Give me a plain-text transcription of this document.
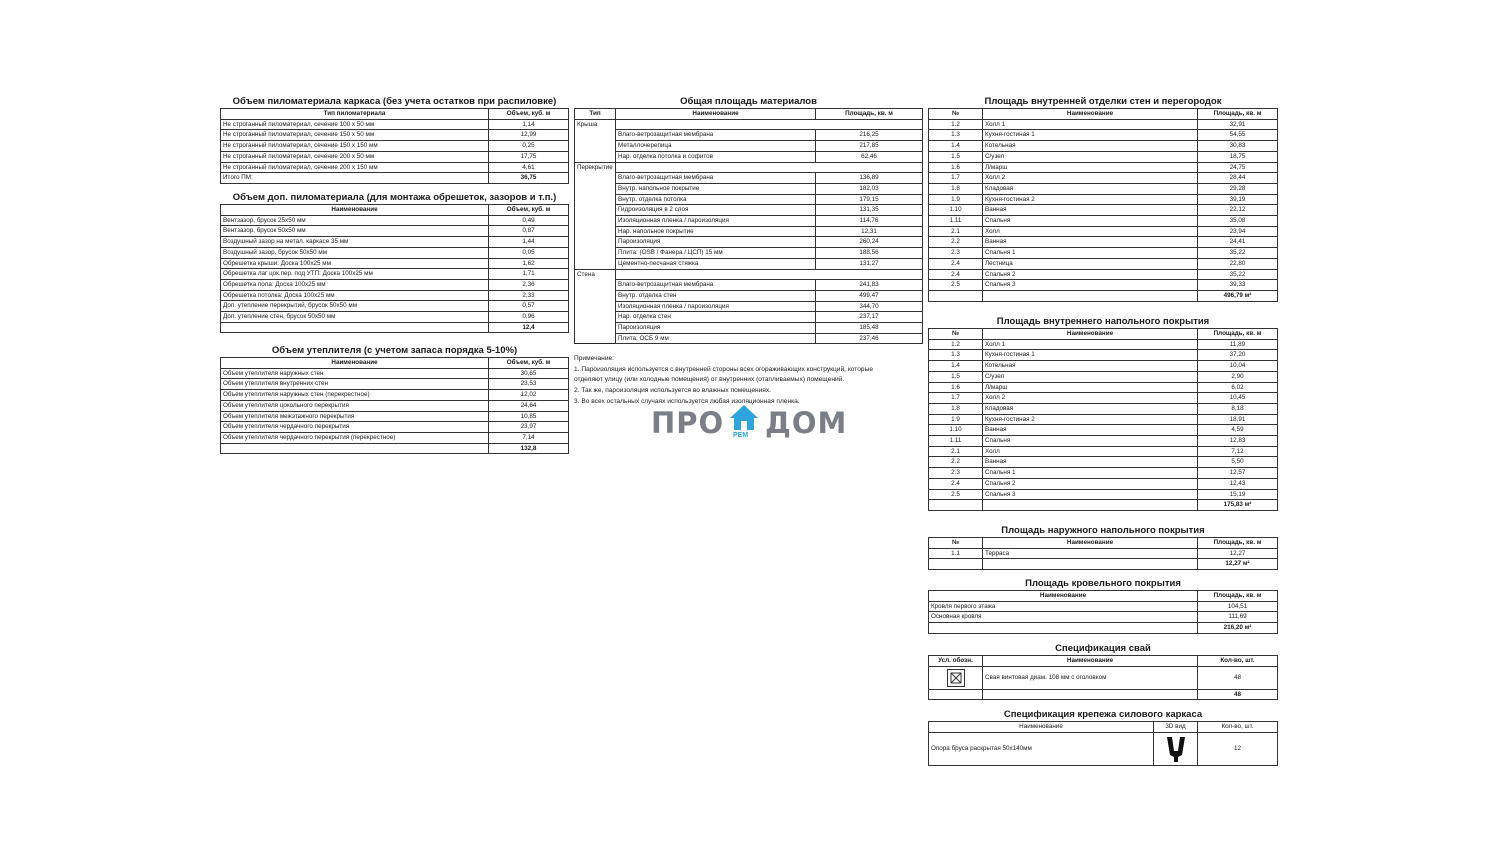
Объем пиломатериала каркаса (без учета остатков при распиловке)
Тип пиломатериала	Объем, куб. м
Не строганный пиломатериал, сечение 100 х 50 мм	1,14
Не строганный пиломатериал, сечение 150 х 50 мм	12,99
Не строганный пиломатериал, сечение 150 х 150 мм	0,25
Не строганный пиломатериал, сечение 200 х 50 мм	17,75
Не строганный пиломатериал, сечение 200 х 150 мм	4,61
Итого ПМ:	36,75
Объем доп. пиломатериала (для монтажа обрешеток, зазоров и т.п.)
Наименование	Объем, куб. м
Вентзазор, брусок 25х50 мм	0,49
Вентзазор, брусок 50х50 мм	0,87
Воздушный зазор на метал. каркасе 35 мм	1,44
Воздушный зазор, брусок 50х50 мм	0,05
Обрешетка крыши: Доска 100х25 мм	1,62
Обрешетка лаг цок.пер. под УТП: Доска 100х25 мм	1,71
Обрешетка пола: Доска 100х25 мм	2,36
Обрешетка потолка: Доска 100х25 мм	2,33
Доп. утепление перекрытий, брусок 50х50 мм	0,57
Доп. утепление стен, брусок 50х50 мм	0,96
	12,4
Объем утеплителя (с учетом запаса порядка 5-10%)
Наименование	Объем, куб. м
Объем утеплителя наружных стен	30,65
Объем утеплителя внутренних стен	23,53
Объем утеплителя наружных стен (перекрестное)	12,02
Объем утеплителя цокольного перекрытия	24,64
Объем утеплителя межэтажного перекрытия	10,85
Объем утеплителя чердачного перекрытия	23,97
Объем утеплителя чердачного перекрытия (перекрестное)	7,14
	132,8
Общая площадь материалов
Тип	Наименование	Площадь, кв. м
Крыша		
	Влаго-ветрозащитная мембрана	216,25
	Металлочерепица	217,85
	Нар. отделка потолка и софитов	62,46
Перекрытие		
	Влаго-ветрозащитная мембрана	136,89
	Внутр. напольное покрытие	182,03
	Внутр. отделка потолка	179,15
	Гидроизоляция в 2 слоя	131,35
	Изоляционная пленка / пароизоляция	114,76
	Нар. напольное покрытие	12,31
	Пароизоляция	260,24
	Плита: (OSB / Фанера / ЦСП) 15 мм	188,56
	Цементно-песчаная стяжка	131,27
Стена		
	Влаго-ветрозащитная мембрана	241,83
	Внутр. отделка стен	499,47
	Изоляционная пленка / пароизоляция	344,70
	Нар. отделка стен	237,17
	Пароизоляция	185,48
	Плита: ОСБ 9 мм	237,46
Примечание:
1. Пароизоляция используется с внутренней стороны всех огораживающих конструкций, которые
отделяют улицу (или холодные помещения) от внутренних (отапливаемых) помещений.
2. Так же, пароизоляция используется во влажных помещениях.
3. Во всех остальных случаях используется любая изоляционная пленка.
ПРО РЕМ ДОМ
Площадь внутренней отделки стен и перегородок
№	Наименование	Площадь, кв. м
1.2	Холл 1	32,91
1.3	Кухня-гостиная 1	54,55
1.4	Котельная	30,83
1.5	С/узел	18,75
1.6	Л/марш	24,75
1.7	Холл 2	28,44
1.8	Кладовая	29,28
1.9	Кухня-гостиная 2	39,19
1.10	Ванная	22,12
1.11	Спальня	35,08
2.1	Холл	23,94
2.2	Ванная	24,41
2.3	Спальня 1	35,22
2.4	Лестница	22,80
2.4	Спальня 2	35,22
2.5	Спальня 3	39,33
		496,79 м²
Площадь внутреннего напольного покрытия
№	Наименование	Площадь, кв. м
1.2	Холл 1	11,89
1.3	Кухня-гостиная 1	37,20
1.4	Котельная	10,04
1.5	С/узел	2,90
1.6	Л/марш	6,02
1.7	Холл 2	10,45
1.8	Кладовая	8,18
1.9	Кухня-гостиная 2	18,91
1.10	Ванная	4,59
1.11	Спальня	12,83
2.1	Холл	7,12
2.2	Ванная	5,50
2.3	Спальня 1	12,57
2.4	Спальня 2	12,43
2.5	Спальня 3	15,19
		175,83 м²
Площадь наружного напольного покрытия
№	Наименование	Площадь, кв. м
1.1	Терраса	12,27
		12,27 м²
Площадь кровельного покрытия
Наименование	Площадь, кв. м
Кровля первого этажа	104,51
Основная кровля	111,69
	216,20 м²
Спецификация свай
Усл. обозн.	Наименование	Кол-во, шт.

	Свая винтовая диам. 108 мм с оголовком	48
		48
Спецификация крепежа силового каркаса
Наименование	3D вид	Кол-во, шт.
Опора бруса раскрытая 50х140мм		12
